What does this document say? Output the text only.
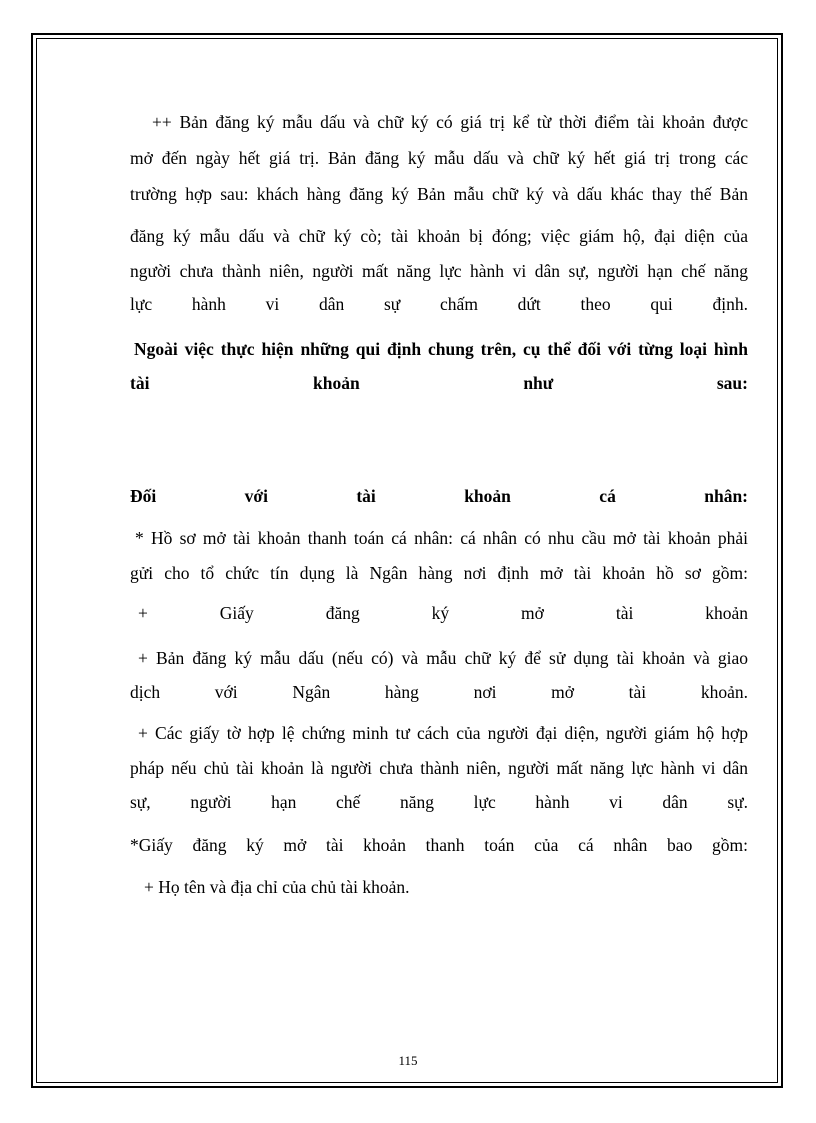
++ Bản đăng ký mẫu dấu và chữ ký có giá trị kể từ thời điểm tài khoản được
mở đến ngày hết giá trị. Bản đăng ký mẫu dấu và chữ ký hết giá trị trong các
trường hợp sau: khách hàng đăng ký Bản mẫu chữ ký và dấu khác thay thế Bản
đăng ký mẫu dấu và chữ ký cò; tài khoản bị đóng; việc giám hộ, đại diện của
người chưa thành niên, người mất năng lực hành vi dân sự, người hạn chế năng
lực hành vi dân sự chấm dứt theo qui định.
Ngoài việc thực hiện những qui định chung trên, cụ thể đối với từng loại hình
tài khoản như sau:
Đối với tài khoản cá nhân:
* Hồ sơ mở tài khoản thanh toán cá nhân: cá nhân có nhu cầu mở tài khoản phải
gửi cho tổ chức tín dụng là Ngân hàng nơi định mở tài khoản hồ sơ gồm:
+ Giấy đăng ký mở tài khoản
+ Bản đăng ký mẫu dấu (nếu có) và mẫu chữ ký để sử dụng tài khoản và giao
dịch với Ngân hàng nơi mở tài khoản.
+ Các giấy tờ hợp lệ chứng minh tư cách của người đại diện, người giám hộ hợp
pháp nếu chủ tài khoản là người chưa thành niên, người mất năng lực hành vi dân
sự, người hạn chế năng lực hành vi dân sự.
*Giấy đăng ký mở tài khoản thanh toán của cá nhân bao gồm:
+ Họ tên và địa chỉ của chủ tài khoản.
115
